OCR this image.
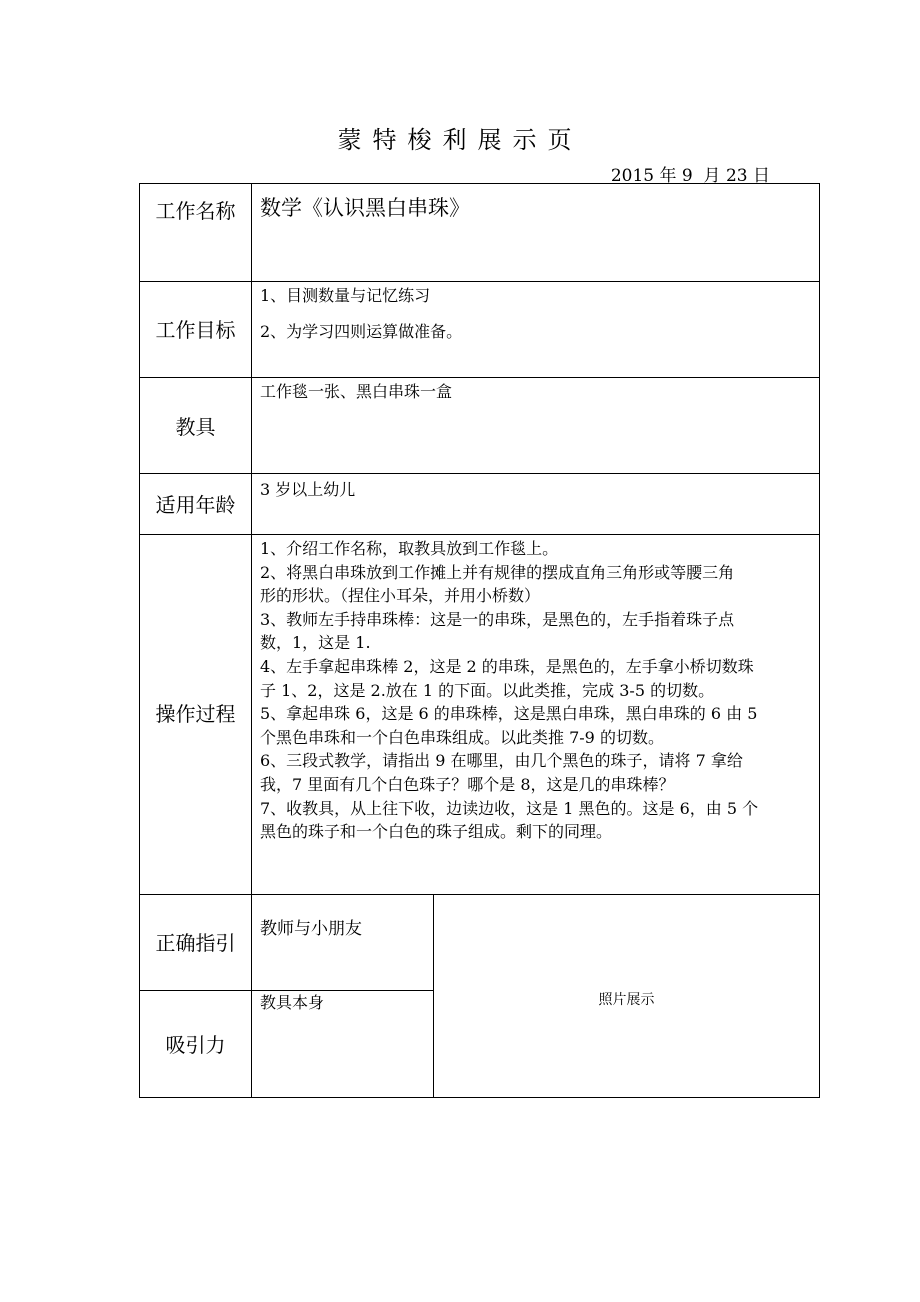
蒙特梭利展示页
2015 年 9  月 23 日
工作名称	数学《认识黑白串珠》
工作目标
1、目测数量与记忆练习
2、为学习四则运算做准备。
教具
工作毯一张、黑白串珠一盒
适用年龄
3 岁以上幼儿
操作过程
1、介绍工作名称，取教具放到工作毯上。
2、将黑白串珠放到工作摊上并有规律的摆成直角三角形或等腰三角
形的形状。（捏住小耳朵，并用小桥数）
3、教师左手持串珠棒：这是一的串珠，是黑色的，左手指着珠子点
数，1，这是 1.
4、左手拿起串珠棒 2，这是 2 的串珠，是黑色的，左手拿小桥切数珠
子 1、2，这是 2.放在 1 的下面。以此类推，完成 3-5 的切数。
5、拿起串珠 6，这是 6 的串珠棒，这是黑白串珠，黑白串珠的 6 由 5
个黑色串珠和一个白色串珠组成。以此类推 7-9 的切数。
6、三段式教学，请指出 9 在哪里，由几个黑色的珠子，请将 7 拿给
我，7 里面有几个白色珠子？哪个是 8，这是几的串珠棒？
7、收教具，从上往下收，边读边收，这是 1 黑色的。这是 6，由 5 个
黑色的珠子和一个白色的珠子组成。剩下的同理。
正确指引
教师与小朋友
吸引力
教具本身	照片展示
